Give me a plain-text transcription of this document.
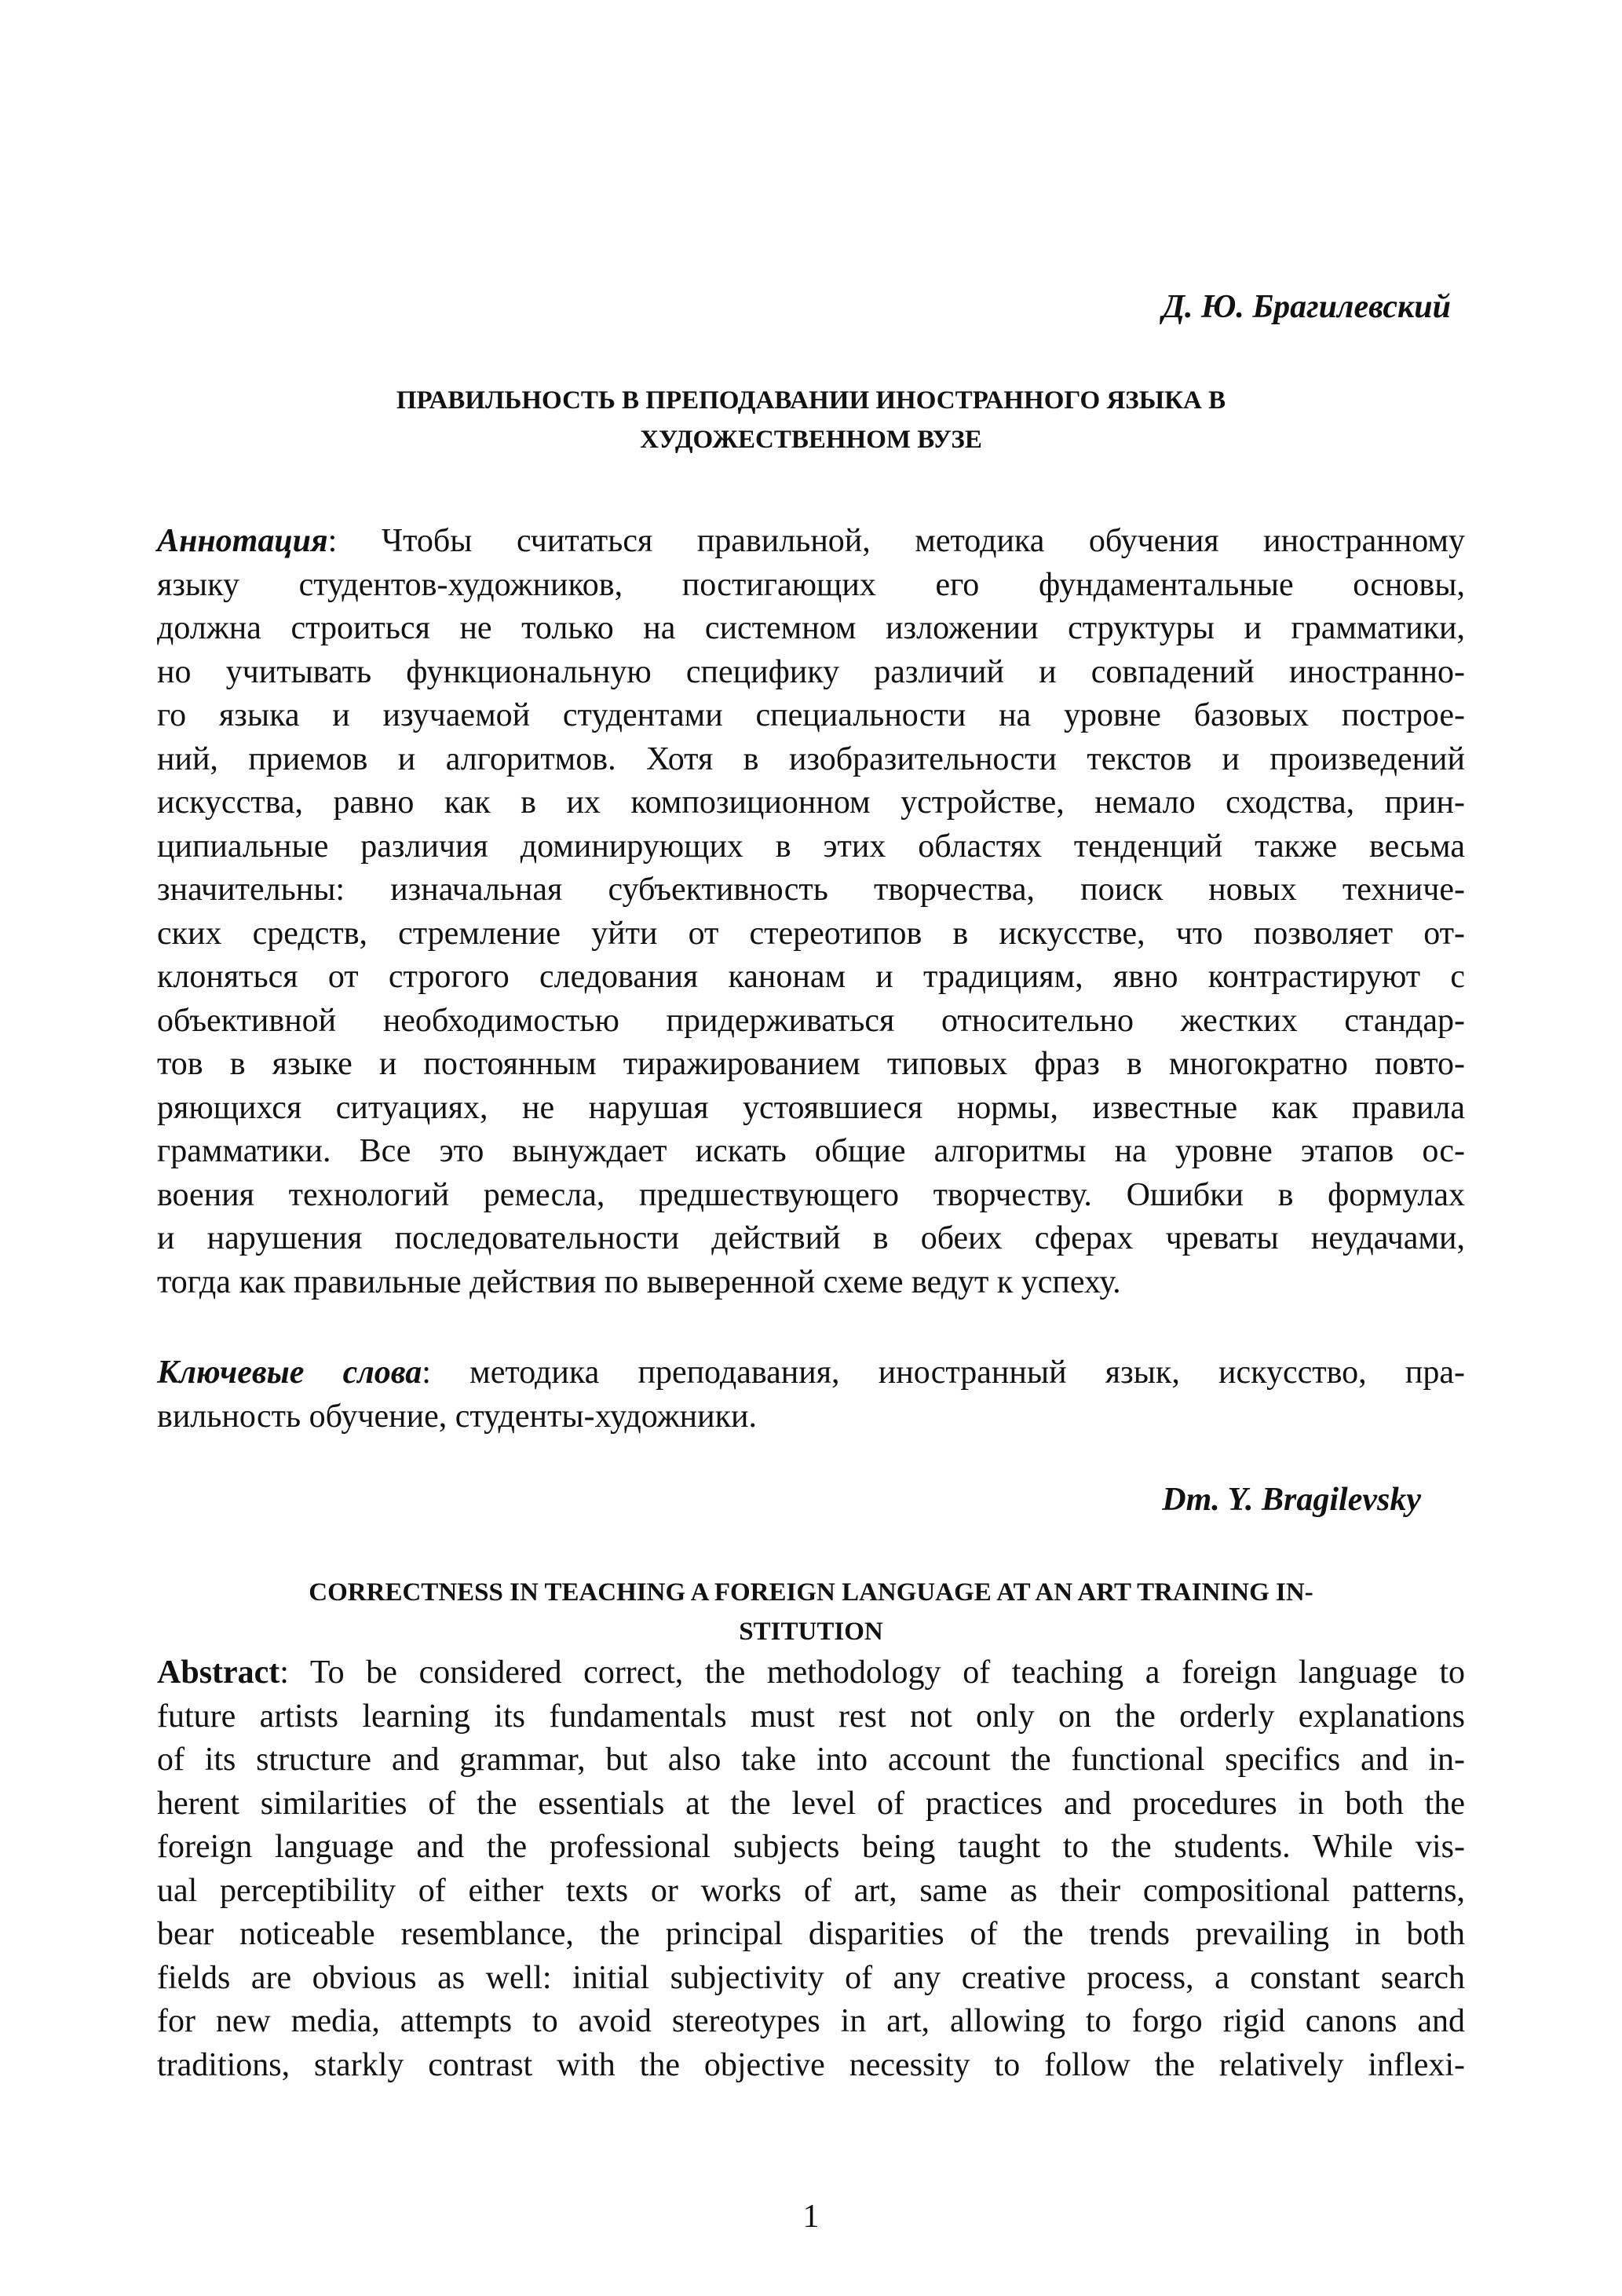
Д. Ю. Брагилевский
ПРАВИЛЬНОСТЬ В ПРЕПОДАВАНИИ ИНОСТРАННОГО ЯЗЫКА В
ХУДОЖЕСТВЕННОМ ВУЗЕ
Аннотация: Чтобы считаться правильной, методика обучения иностранному
языку студентов-художников, постигающих его фундаментальные основы,
должна строиться не только на системном изложении структуры и грамматики,
но учитывать функциональную специфику различий и совпадений иностранно-
го языка и изучаемой студентами специальности на уровне базовых построе-
ний, приемов и алгоритмов. Хотя в изобразительности текстов и произведений
искусства, равно как в их композиционном устройстве, немало сходства, прин-
ципиальные различия доминирующих в этих областях тенденций также весьма
значительны: изначальная субъективность творчества, поиск новых техниче-
ских средств, стремление уйти от стереотипов в искусстве, что позволяет от-
клоняться от строгого следования канонам и традициям, явно контрастируют с
объективной необходимостью придерживаться относительно жестких стандар-
тов в языке и постоянным тиражированием типовых фраз в многократно повто-
ряющихся ситуациях, не нарушая устоявшиеся нормы, известные как правила
грамматики. Все это вынуждает искать общие алгоритмы на уровне этапов ос-
воения технологий ремесла, предшествующего творчеству. Ошибки в формулах
и нарушения последовательности действий в обеих сферах чреваты неудачами,
тогда как правильные действия по выверенной схеме ведут к успеху.
Ключевые слова: методика преподавания, иностранный язык, искусство, пра-
вильность обучение, студенты-художники.
Dm. Y. Bragilevsky
CORRECTNESS IN TEACHING A FOREIGN LANGUAGE AT AN ART TRAINING IN-
STITUTION
Abstract: To be considered correct, the methodology of teaching a foreign language to
future artists learning its fundamentals must rest not only on the orderly explanations
of its structure and grammar, but also take into account the functional specifics and in-
herent similarities of the essentials at the level of practices and procedures in both the
foreign language and the professional subjects being taught to the students. While vis-
ual perceptibility of either texts or works of art, same as their compositional patterns,
bear noticeable resemblance, the principal disparities of the trends prevailing in both
fields are obvious as well: initial subjectivity of any creative process, a constant search
for new media, attempts to avoid stereotypes in art, allowing to forgo rigid canons and
traditions, starkly contrast with the objective necessity to follow the relatively inflexi-
1
